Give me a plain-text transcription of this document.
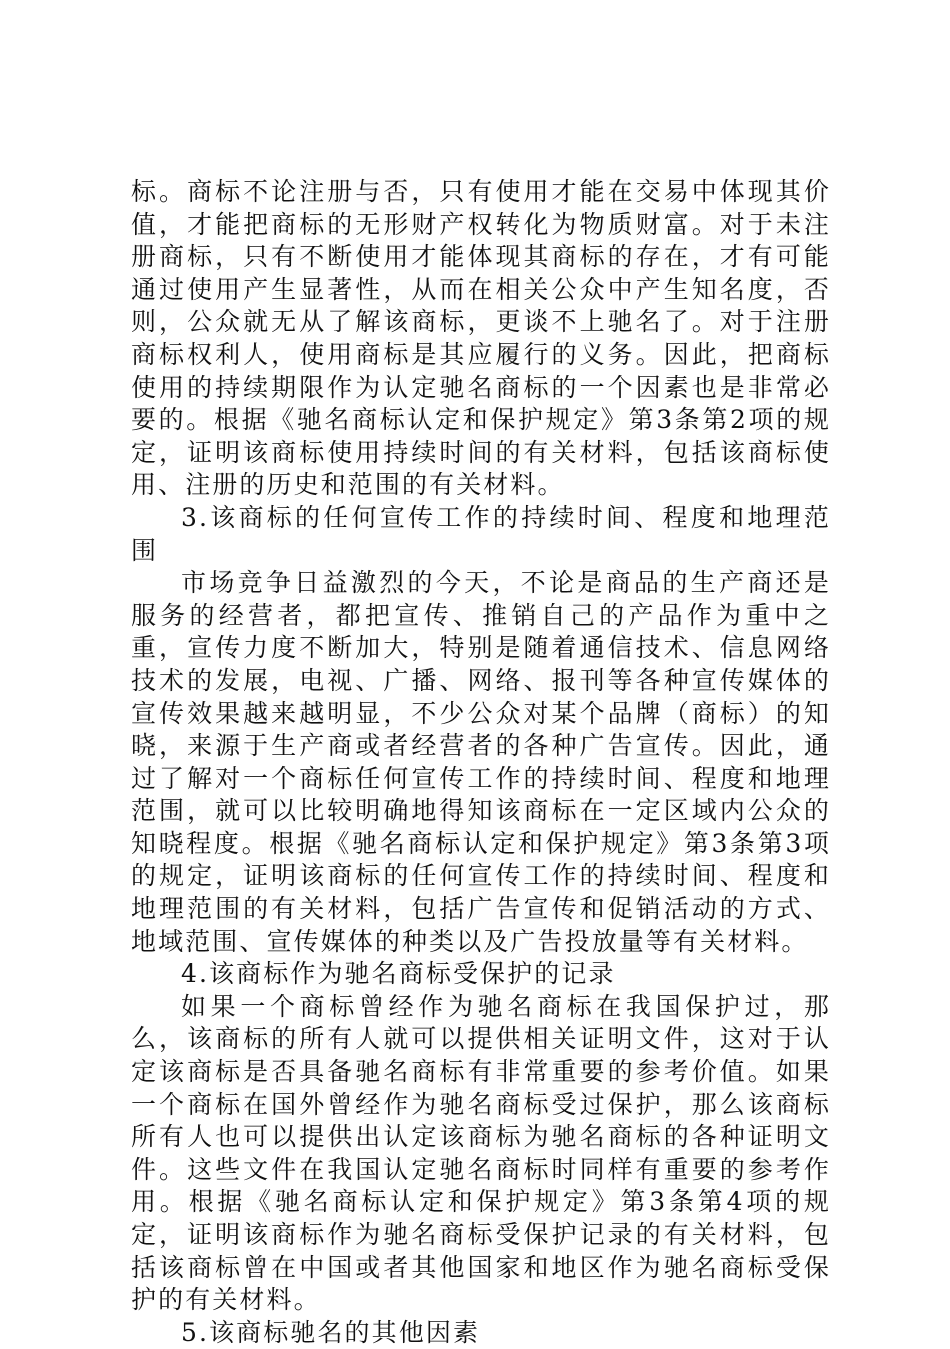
标。商标不论注册与否，只有使用才能在交易中体现其价值，才能把商标的无形财产权转化为物质财富。对于未注册商标，只有不断使用才能体现其商标的存在，才有可能通过使用产生显著性，从而在相关公众中产生知名度，否则，公众就无从了解该商标，更谈不上驰名了。对于注册商标权利人，使用商标是其应履行的义务。因此，把商标使用的持续期限作为认定驰名商标的一个因素也是非常必要的。根据《驰名商标认定和保护规定》第3条第2项的规定，证明该商标使用持续时间的有关材料，包括该商标使用、注册的历史和范围的有关材料。

3.该商标的任何宣传工作的持续时间、程度和地理范围

市场竞争日益激烈的今天，不论是商品的生产商还是服务的经营者，都把宣传、推销自己的产品作为重中之重，宣传力度不断加大，特别是随着通信技术、信息网络技术的发展，电视、广播、网络、报刊等各种宣传媒体的宣传效果越来越明显，不少公众对某个品牌（商标）的知晓，来源于生产商或者经营者的各种广告宣传。因此，通过了解对一个商标任何宣传工作的持续时间、程度和地理范围，就可以比较明确地得知该商标在一定区域内公众的知晓程度。根据《驰名商标认定和保护规定》第3条第3项的规定，证明该商标的任何宣传工作的持续时间、程度和地理范围的有关材料，包括广告宣传和促销活动的方式、地域范围、宣传媒体的种类以及广告投放量等有关材料。

4.该商标作为驰名商标受保护的记录

如果一个商标曾经作为驰名商标在我国保护过，那么，该商标的所有人就可以提供相关证明文件，这对于认定该商标是否具备驰名商标有非常重要的参考价值。如果一个商标在国外曾经作为驰名商标受过保护，那么该商标所有人也可以提供出认定该商标为驰名商标的各种证明文件。这些文件在我国认定驰名商标时同样有重要的参考作用。根据《驰名商标认定和保护规定》第3条第4项的规定，证明该商标作为驰名商标受保护记录的有关材料，包括该商标曾在中国或者其他国家和地区作为驰名商标受保护的有关材料。

5.该商标驰名的其他因素
